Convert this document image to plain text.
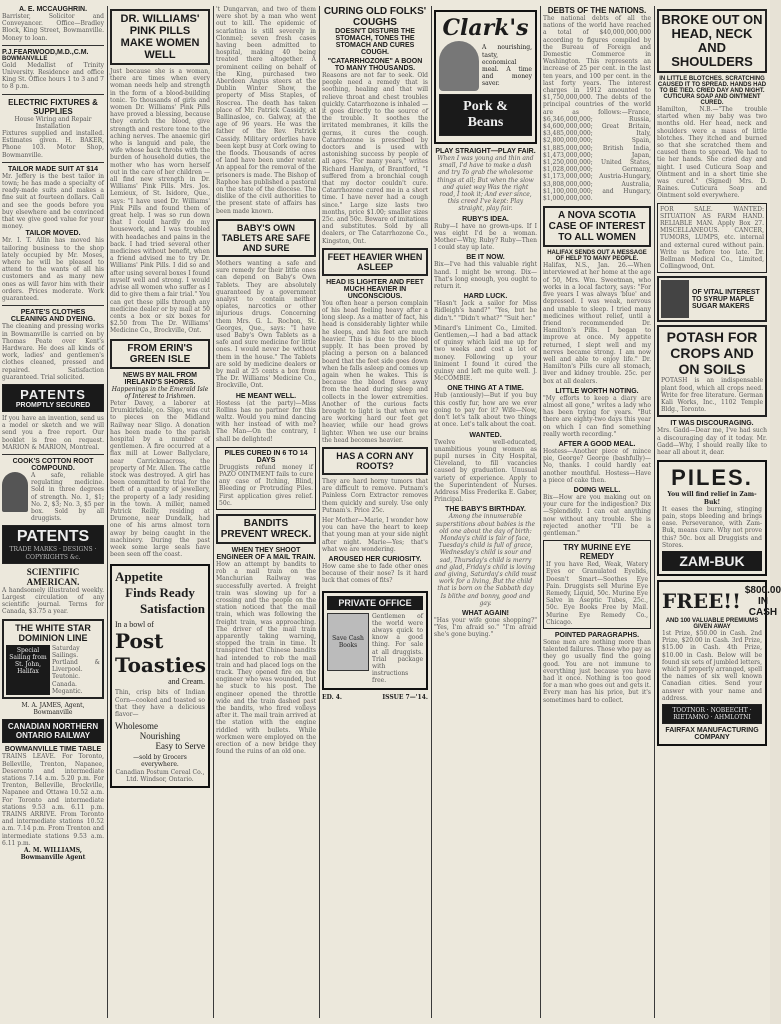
A. E. MCCAUGHRIN.
Barrister, Solicitor and Conveyancer. Office—Bradley Block, King Street, Bowmanville. Money to loan.
P.J.FEARWOOD,M.D.,C.M.
BOWMANVILLE
Gold Medallist of Trinity University. Residence and office King St. Office hours 1 to 3 and 7 to 8 p.m.
ELECTRIC FIXTURES & SUPPLIES
House Wiring and Repair Installation
Fixtures supplied and installed. Estimates given. H. BAKER, Phone 103. Motor Shop, Bowmanville.
TAILOR MADE SUIT AT $14
Mr. Jeffery is the best tailor in town; he has made a specialty of ready-made suits and makes a fine suit at fourteen dollars. Call and see the goods before you buy elsewhere and be convinced that we give good value for your money.
TAILOR MOVED.
Mr. I. T. Allin has moved his tailoring business to the shop lately occupied by Mr. Moses, where he will be pleased to attend to the wants of all his customers and as many new ones as will favor him with their orders. Prices moderate. Work guaranteed.
PEATE'S CLOTHES CLEANING AND DYEING.
The cleaning and pressing works in Bowmanville is carried on by Thomas Peate over Kent's Hardware. He does all kinds of work, ladies' and gentlemen's clothes cleaned, pressed and repaired. Satisfaction guaranteed. Trial solicited.
PATENTS
PROMPTLY SECURED
If you have an invention, send us a model or sketch and we will send you a free report. Our booklet is free on request. MARION & MARION, Montreal.
COOK'S COTTON ROOT COMPOUND.
A safe, reliable regulating medicine. Sold in three degrees of strength. No. 1, $1; No. 2, $3; No. 3, $5 per box. Sold by all druggists.
PATENTS
TRADE MARKS · DESIGNS · COPYRIGHTS &c.
SCIENTIFIC AMERICAN.
A handsomely illustrated weekly. Largest circulation of any scientific journal. Terms for Canada, $3.75 a year.
THE WHITE STAR DOMINION LINE
Special Sailing from St. John, Halifax
Saturday Sailings. Portland & Liverpool. Teutonic. Canada. Megantic.
M. A. JAMES, Agent, Bowmanville
CANADIAN NORTHERN ONTARIO RAILWAY
BOWMANVILLE TIME TABLE
TRAINS LEAVE. For Toronto, Belleville, Trenton, Napanee, Deseronto and intermediate stations 7.14 a.m. 5.20 p.m. For Trenton, Belleville, Brockville, Napanee and Ottawa 10.52 a.m. For Toronto and intermediate stations 9.53 a.m. 6.11 p.m. TRAINS ARRIVE. From Toronto and intermediate stations 10.52 a.m. 7.14 p.m. From Trenton and intermediate stations 9.53 a.m. 6.11 p.m.
A. M. WILLIAMS, Bowmanville Agent
DR. WILLIAMS' PINK PILLS MAKE WOMEN WELL
Just because she is a woman, there are times when every woman needs help and strength in the form of a blood-building tonic. To thousands of girls and women Dr. Williams' Pink Pills have proved a blessing, because they enrich the blood, give strength and restore tone to the aching nerves. The anaemic girl who is languid and pale, the wife whose back throbs with the burden of household duties, the mother who has worn herself out in the care of her children — all find new strength in Dr. Williams' Pink Pills. Mrs. Jos. Lemieux, of St. Isidore, Que., says: "I have used Dr. Williams' Pink Pills and found them of great help. I was so run down that I could hardly do my housework, and I was troubled with headaches and pains in the back. I had tried several other medicines without benefit, when a friend advised me to try Dr. Williams' Pink Pills. I did so and after using several boxes I found myself well and strong. I would advise all women who suffer as I did to give them a fair trial." You can get these pills through any medicine dealer or by mail at 50 cents a box or six boxes for $2.50 from The Dr. Williams' Medicine Co., Brockville, Ont.
FROM ERIN'S GREEN ISLE
NEWS BY MAIL FROM IRELAND'S SHORES.
Happenings in the Emerald Isle of Interest to Irishmen.
Peter Davey, a laborer at Drumkirkdale, co. Sligo, was cut to pieces on the Midland Railway near Sligo. A donation has been made to the parish hospital by a number of gentlemen. A fire occurred at a flax mill at Lower Ballyclare, near Carrickmacross, the property of Mr. Allen. The cattle stock was destroyed. A girl has been committed to trial for the theft of a quantity of jewellery, the property of a lady residing in the town. A miller, named Patrick Reilly, residing at Drumone, near Dundalk, had one of his arms almost torn away by being caught in the machinery. During the past week some large seals have been seen off the coast.
Appetite
Finds Ready
Satisfaction
In a bowl of
Post
Toasties
and Cream.
Thin, crisp bits of Indian Corn—cooked and toasted so that they have a delicious flavor—
Wholesome
Nourishing
Easy to Serve
—sold by Grocers everywhere.
Canadian Postum Cereal Co., Ltd. Windsor, Ontario.
't Dungarvan, and two of them were shot by a man who went out to kill. The epidemic of scarlatina is still severely in Clonmel; seven fresh cases having been admitted to hospital, making 40 being treated there altogether. A prominent ceiling on behalf of the King, purchased two Aberdeen Angus steers at the Dublin Winter Show, the property of Miss Staples, of Roscrea. The death has taken place of Mr. Patrick Cassidy, at Ballinasloe, co. Galway, at the age of 96 years. He was the father of the Rev. Patrick Cassidy. Military orderlies have been kept busy at Cork owing to the floods. Thousands of acres of land have been under water. An appeal for the removal of the prisoners is made. The Bishop of Raphoe has published a pastoral on the state of the diocese. The dislike of the civil authorities to the present state of affairs has been made known.
BABY'S OWN TABLETS ARE SAFE AND SURE
Mothers wanting a safe and sure remedy for their little ones can depend on Baby's Own Tablets. They are absolutely guaranteed by a government analyst to contain neither opiates, narcotics or other injurious drugs. Concerning them Mrs. G. L. Rochon, St. Georges, Que., says: "I have used Baby's Own Tablets as a safe and sure medicine for little ones. I would never be without them in the house." The Tablets are sold by medicine dealers or by mail at 25 cents a box from The Dr. Williams' Medicine Co., Brockville, Ont.
HE MEANT WELL.
Hostess (at the party)—Miss Rollins has no partner for this waltz. Would you mind dancing with her instead of with me? The Man—On the contrary, I shall be delighted!
PILES CURED IN 6 TO 14 DAYS
Druggists refund money if PAZO OINTMENT fails to cure any case of Itching, Blind, Bleeding or Protruding Piles. First application gives relief. 50c.
BANDITS PREVENT WRECK.
WHEN THEY SHOOT ENGINEER OF A MAIL TRAIN.
How an attempt by bandits to rob a mail train on the Manchurian Railway was successfully averted. A freight train was slowing up for a crossing and the people on the station noticed that the mail train, which was following the freight train, was approaching. The driver of the mail train apparently taking warning, stopped the train in time. It transpired that Chinese bandits had intended to rob the mail train and had placed logs on the track. They opened fire on the engineer who was wounded, but he stuck to his post. The engineer opened the throttle wide and the train dashed past the bandits, who fired volleys after it. The mail train arrived at the station with the engine riddled with bullets. While workmen were employed on the erection of a new bridge they found the ruins of an old one.
CURING OLD FOLKS' COUGHS
DOESN'T DISTURB THE STOMACH, TONES THE STOMACH AND CURES COUGH.
"CATARRHOZONE" A BOON TO MANY THOUSANDS.
Reasons are not far to seek. Old people need a remedy that is soothing, healing and that will relieve throat and chest troubles quickly. Catarrhozone is inhaled — it goes directly to the source of the trouble. It soothes the irritated membranes, it kills the germs, it cures the cough. Catarrhozone is prescribed by doctors and is used with astonishing success by people of all ages. "For many years," writes Richard Hamlyn, of Brantford, "I suffered from a bronchial cough that my doctor couldn't cure. Catarrhozone cured me in a short time. I have never had a cough since." Large size lasts two months, price $1.00; smaller sizes 25c. and 50c. Beware of imitations and substitutes. Sold by all dealers, or The Catarrhozone Co., Kingston, Ont.
FEET HEAVIER WHEN ASLEEP
HEAD IS LIGHTER AND FEET MUCH HEAVIER IN UNCONSCIOUS.
You often hear a person complain of his head feeling heavy after a long sleep. As a matter of fact, his head is considerably lighter while he sleeps, and his feet are much heavier. This is due to the blood supply. It has been proved by placing a person on a balanced board that the feet side goes down when he falls asleep and comes up again when he wakes. This is because the blood flows away from the head during sleep and collects in the lower extremities. Another of the curious facts brought to light is that when we are working hard our feet get heavier, while our head grows lighter. When we use our brains the head becomes heavier.
HAS A CORN ANY ROOTS?
They are hard horny tumors that are difficult to remove. Putnam's Painless Corn Extractor removes them quickly and surely. Use only Putnam's. Price 25c.
Her Mother—Marie, I wonder how you can have the heart to keep that young man at your side night after night. Marie—Yes; that's what we are wondering.
AROUSED HER CURIOSITY.
How came she to fade other ones because of their nose? Is it hard luck that comes of fits?
PRIVATE OFFICE
Save Cash Books
Gentlemen of the world were always quick to know a good thing. For sale at all druggists. Trial package with instructions free.
ED. 4.	ISSUE 7—'14.
Clark's
A nourishing, tasty, economical meal. A time and money saver.
Pork & Beans
PLAY STRAIGHT—PLAY FAIR.
When I was young and thin and small, I'd have to make a dash and try To grab the wholesome things at all; But when the slow and quiet way Was the right road, I took it; And ever since, this creed I've kept: Play straight, play fair.
RUBY'S IDEA.
Ruby—I have no grown-ups. If I was eight I'd be a woman. Mother—Why, Ruby? Ruby—Then I could stay up late.
BE IT NOW.
Bix—I've had this valuable right hand. I might be wrong. Dix—That's long enough, you ought to return it.
HARD LUCK.
"Hasn't Jack a sailor for Miss Ridleigh's hand?" "Yes, but he didn't." "Didn't what?" "Suit her."
Minard's Liniment Co., Limited. Gentlemen,—I had a bad attack of quinsy which laid me up for two weeks and cost a lot of money. Following up your liniment I found it cured the quinsy and left me quite well. J. McCOMBIE.
ONE THING AT A TIME.
Hub (anxiously)—But if you buy this costly fur, how are we ever going to pay for it? Wife—Now, don't let's talk about two things at once. Let's talk about the coat.
WANTED.
Twelve well-educated, unambitious young women as pupil nurses in City Hospital, Cleveland, to fill vacancies caused by graduation. Unusual variety of experience. Apply to the Superintendent of Nurses. Address Miss Frederika E. Gaber, Principal.
THE BABY'S BIRTHDAY.
Among the innumerable superstitions about babies is the old one about the day of birth: Monday's child is fair of face, Tuesday's child is full of grace, Wednesday's child is sour and sad, Thursday's child is merry and glad, Friday's child is loving and giving, Saturday's child must work for a living, But the child that is born on the Sabbath day Is blithe and bonny, good and gay.
WHAT AGAIN!
"Has your wife gone shopping?" "Yes, I'm afraid so." "I'm afraid she's gone buying."
DEBTS OF THE NATIONS.
The national debts of all the nations of the world have reached a total of $40,000,000,000 according to figures compiled by the Bureau of Foreign and Domestic Commerce in Washington. This represents an increase of 25 per cent. in the last ten years, and 100 per cent. in the last forty years. The interest charges in 1912 amounted to $1,750,000,000. The debts of the principal countries of the world are as follows:—France, $6,346,000,000; Russia, $4,600,000,000; Great Britain, $3,485,000,000; Italy, $2,800,000,000; Spain, $1,885,000,000; British India, $1,473,000,000; Japan, $1,250,000,000; United States, $1,028,000,000; Germany, $1,173,000,000; Austria-Hungary, $3,808,000,000; Australia, $1,100,000,000; and Hungary, $1,000,000,000.
A NOVA SCOTIA CASE OF INTEREST TO ALL WOMEN
HALIFAX SENDS OUT A MESSAGE OF HELP TO MANY PEOPLE.
Halifax, N.S., Jan. 26.—When interviewed at her home at the age of 50, Mrs. Wm. Sweetman, who works in a local factory, says: "For five years I was always 'blue' and depressed. I was weak, nervous and unable to sleep. I tried many medicines without relief, until a friend recommended Dr. Hamilton's Pills. I began to improve at once. My appetite returned, I slept well and my nerves became strong. I am now well and able to enjoy life." Dr. Hamilton's Pills cure all stomach, liver and kidney trouble. 25c. per box at all dealers.
LITTLE WORTH NOTING.
"My efforts to keep a diary are almost all gone," writes a lady who has been trying for years. "But there are eighty-two days this year on which I can find something really worth recording."
AFTER A GOOD MEAL.
Hostess—Another piece of mince pie, George? George (bashfully)—No, thanks. I could hardly eat another mouthful. Hostess—Have a piece of cake then.
DOING WELL.
Bix—How are you making out on your cure for the indigestion? Dix—Splendidly. I can eat anything now without any trouble. She is rejected another "I'll be a gentleman."
TRY MURINE EYE REMEDY
If you have Red, Weak, Watery Eyes or Granulated Eyelids, Doesn't Smart—Soothes Eye Pain. Druggists sell Murine Eye Remedy, Liquid, 50c. Murine Eye Salve in Aseptic Tubes, 25c., 50c. Eye Books Free by Mail. Murine Eye Remedy Co., Chicago.
POINTED PARAGRAPHS.
Some men are nothing more than talented failures. Those who pay as they go usually find the going good. You are not immune to everything just because you have had it once. Nothing is too good for a man who goes out and gets it. Every man has his price, but it's sometimes hard to collect.
BROKE OUT ON HEAD, NECK AND SHOULDERS
IN LITTLE BLOTCHES. SCRATCHING CAUSED IT TO SPREAD. HANDS HAD TO BE TIED. CRIED DAY AND NIGHT. CUTICURA SOAP AND OINTMENT CURED.
Hamilton, N.B.—"The trouble started when my baby was two months old. Her head, neck and shoulders were a mass of little blotches. They itched and burned so that she scratched them and caused them to spread. We had to tie her hands. She cried day and night. I used Cuticura Soap and Ointment and in a short time she was cured." (Signed) Mrs. D. Raines. Cuticura Soap and Ointment sold everywhere.
FOR SALE. WANTED: SITUATION AS FARM HAND. RELIABLE MAN. Apply Box 27. MISCELLANEOUS. CANCER, TUMORS, LUMPS, etc. internal and external cured without pain. Write us before too late. Dr. Bellman Medical Co., Limited, Collingwood, Ont.
OF VITAL INTEREST TO SYRUP MAPLE SUGAR MAKERS
POTASH FOR CROPS AND ON SOILS
POTASH is an indispensable plant food, which all crops need. Write for free literature. German Kali Works, Inc., 1102 Temple Bldg., Toronto.
IT WAS DISCOURAGING.
Mrs. Gadd—Dear me, I've had such a discouraging day of it today. Mr. Gadd—Why, I should really like to hear all about it, dear.
PILES.
You will find relief in Zam-Buk!
It eases the burning, stinging pain, stops bleeding and brings ease. Perseverance, with Zam-Buk, means cure. Why not prove this? 50c. box all Druggists and Stores.
ZAM-BUK
FREE!! $800.00 IN CASH
AND 100 VALUABLE PREMIUMS GIVEN AWAY
1st Prize, $50.00 in Cash. 2nd Prize, $20.00 in Cash. 3rd Prize, $15.00 in Cash. 4th Prize, $10.00 in Cash. Below will be found six sets of jumbled letters, which if properly arranged, spell the names of six well known Canadian cities. Send your answer with your name and address.
TOOTNOR · NOBEECHT · RIETAMNO · AHMLOTNI
FAIRFAX MANUFACTURING COMPANY
